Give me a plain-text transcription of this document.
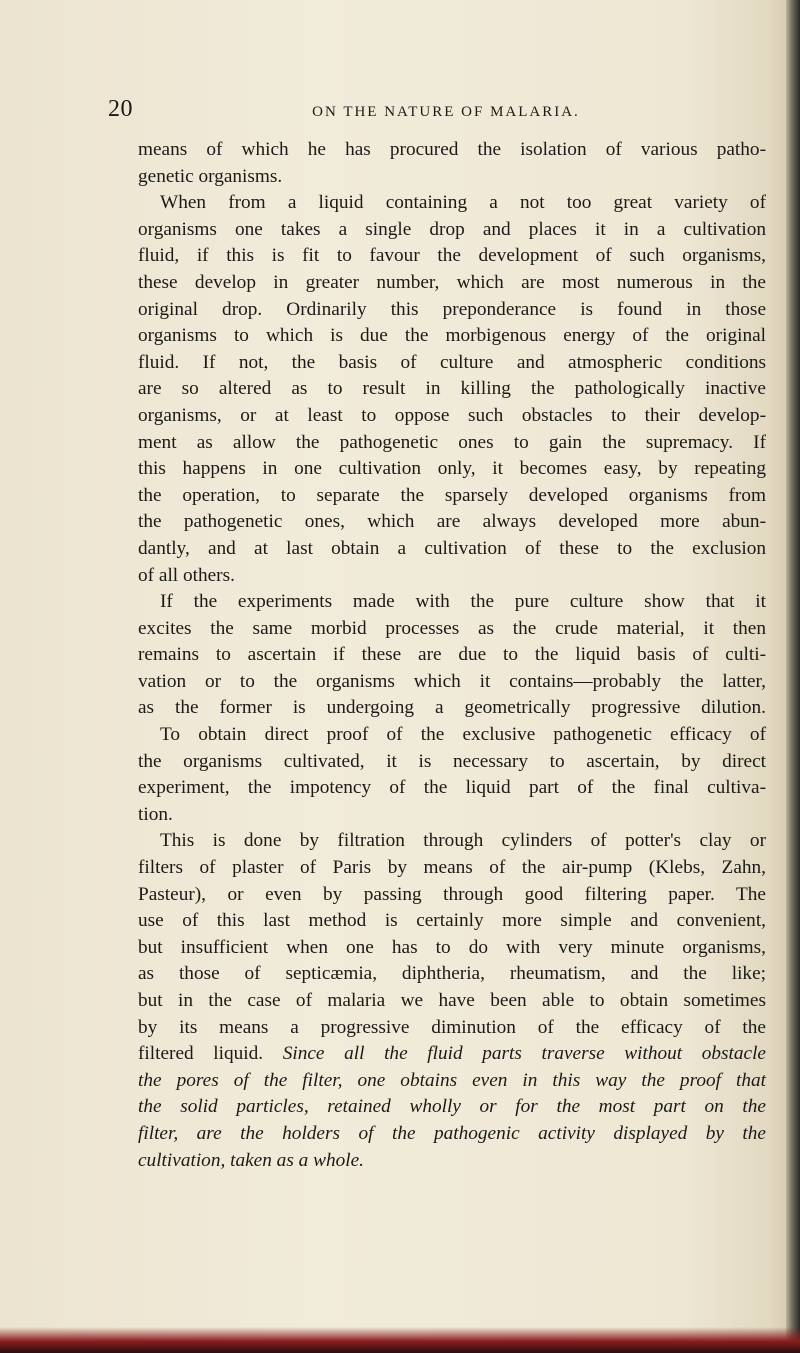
20	ON THE NATURE OF MALARIA.
means of which he has procured the isolation of various patho-
genetic organisms.
When from a liquid containing a not too great variety of
organisms one takes a single drop and places it in a cultivation
fluid, if this is fit to favour the development of such organisms,
these develop in greater number, which are most numerous in the
original drop. Ordinarily this preponderance is found in those
organisms to which is due the morbigenous energy of the original
fluid. If not, the basis of culture and atmospheric conditions
are so altered as to result in killing the pathologically inactive
organisms, or at least to oppose such obstacles to their develop-
ment as allow the pathogenetic ones to gain the supremacy. If
this happens in one cultivation only, it becomes easy, by repeating
the operation, to separate the sparsely developed organisms from
the pathogenetic ones, which are always developed more abun-
dantly, and at last obtain a cultivation of these to the exclusion
of all others.
If the experiments made with the pure culture show that it
excites the same morbid processes as the crude material, it then
remains to ascertain if these are due to the liquid basis of culti-
vation or to the organisms which it contains—probably the latter,
as the former is undergoing a geometrically progressive dilution.
To obtain direct proof of the exclusive pathogenetic efficacy of
the organisms cultivated, it is necessary to ascertain, by direct
experiment, the impotency of the liquid part of the final cultiva-
tion.
This is done by filtration through cylinders of potter's clay or
filters of plaster of Paris by means of the air-pump (Klebs, Zahn,
Pasteur), or even by passing through good filtering paper. The
use of this last method is certainly more simple and convenient,
but insufficient when one has to do with very minute organisms,
as those of septicæmia, diphtheria, rheumatism, and the like;
but in the case of malaria we have been able to obtain sometimes
by its means a progressive diminution of the efficacy of the
filtered liquid. Since all the fluid parts traverse without obstacle
the pores of the filter, one obtains even in this way the proof that
the solid particles, retained wholly or for the most part on the
filter, are the holders of the pathogenic activity displayed by the
cultivation, taken as a whole.
